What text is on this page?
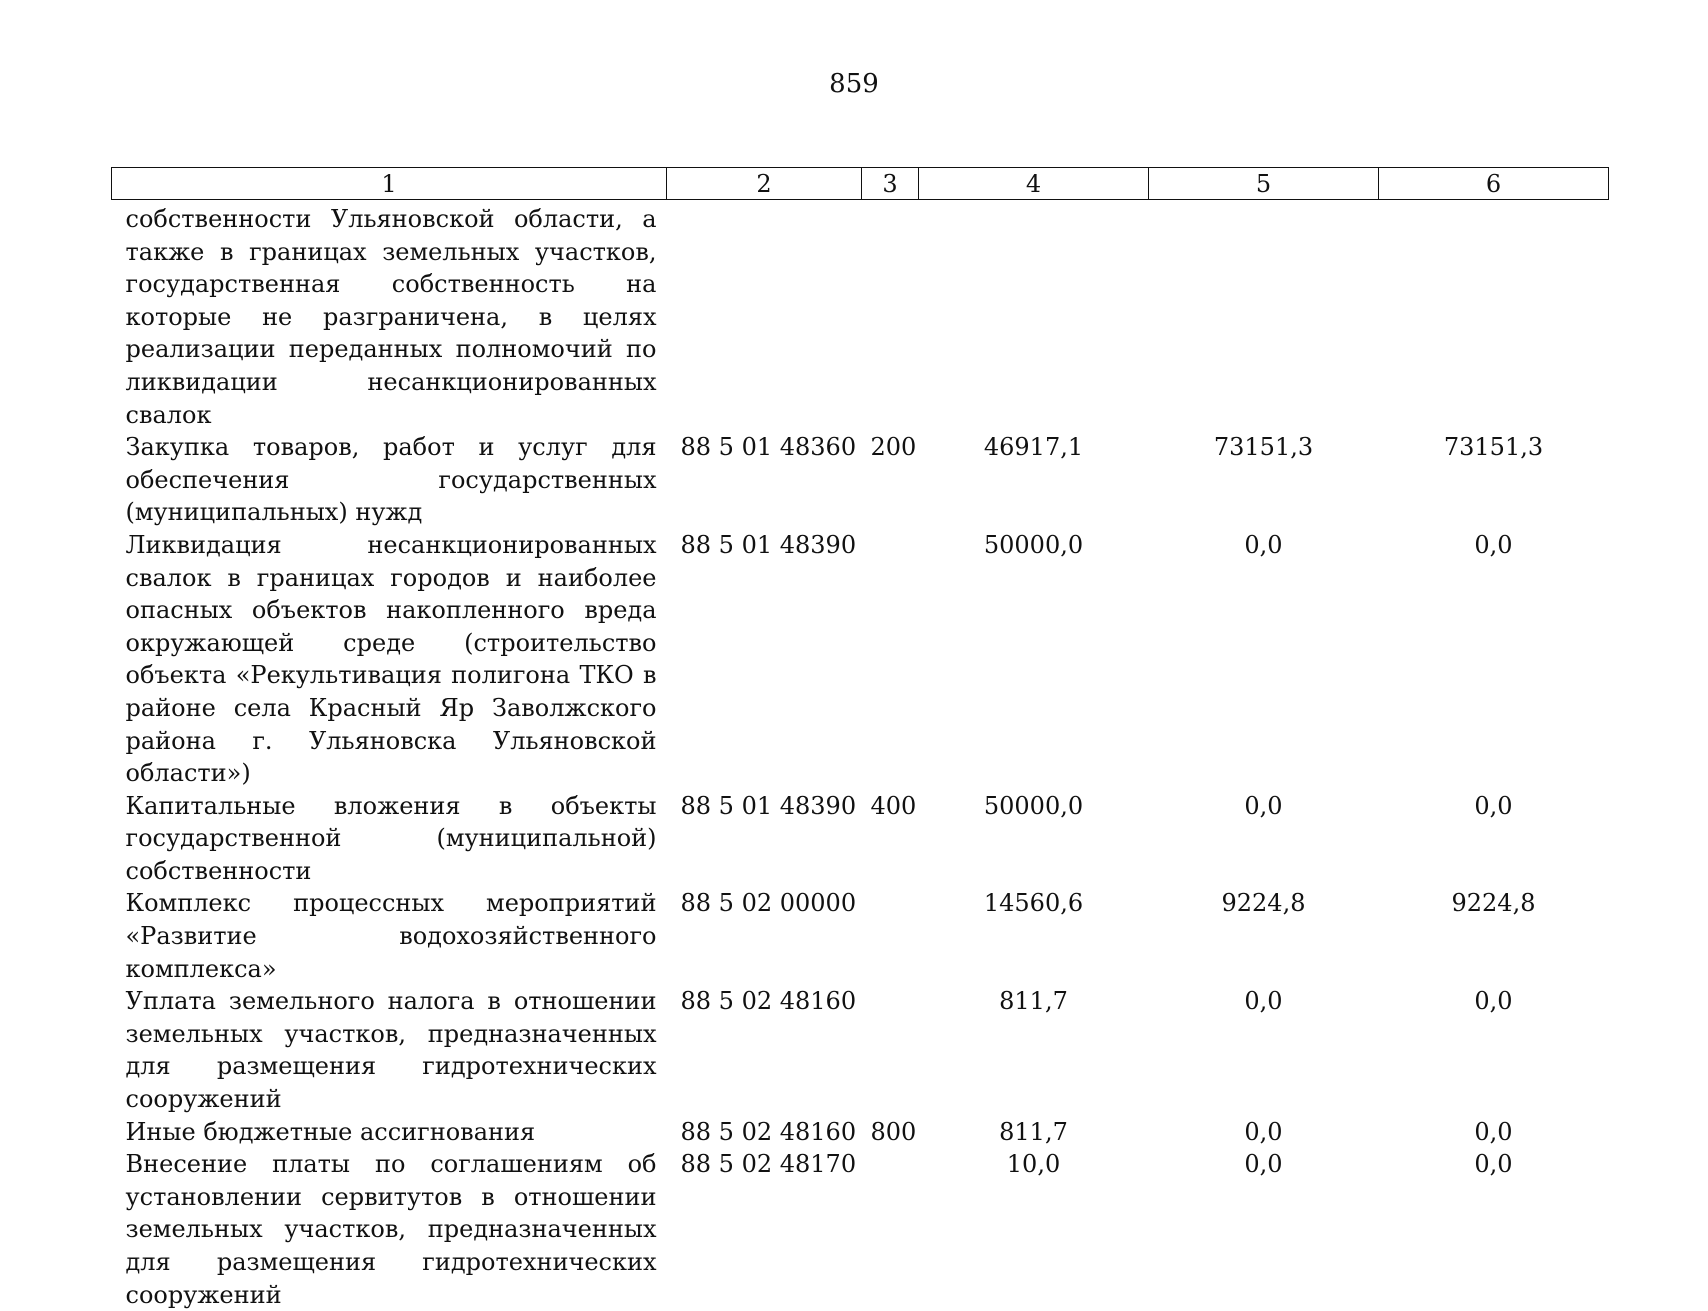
859
1	2	3	4	5	6
собственности Ульяновской области, а также в границах земельных участков, государственная собственность на которые не разграничена, в целях реализации переданных полномочий по ликвидации несанкционированных свалок					
Закупка товаров, работ и услуг для обеспечения государственных (муниципальных) нужд	88 5 01 48360	200	46917,1	73151,3	73151,3
Ликвидация несанкционированных свалок в границах городов и наиболее опасных объектов накопленного вреда окружающей среде (строительство объекта «Рекультивация полигона ТКО в районе села Красный Яр Заволжского района г. Ульяновска Ульяновской области»)	88 5 01 48390		50000,0	0,0	0,0
Капитальные вложения в объекты государственной (муниципальной) собственности	88 5 01 48390	400	50000,0	0,0	0,0
Комплекс процессных мероприятий «Развитие водохозяйственного комплекса»	88 5 02 00000		14560,6	9224,8	9224,8
Уплата земельного налога в отношении земельных участков, предназначенных для размещения гидротехнических сооружений	88 5 02 48160		811,7	0,0	0,0
Иные бюджетные ассигнования	88 5 02 48160	800	811,7	0,0	0,0
Внесение платы по соглашениям об установлении сервитутов в отношении земельных участков, предназначенных для размещения гидротехнических сооружений	88 5 02 48170		10,0	0,0	0,0
